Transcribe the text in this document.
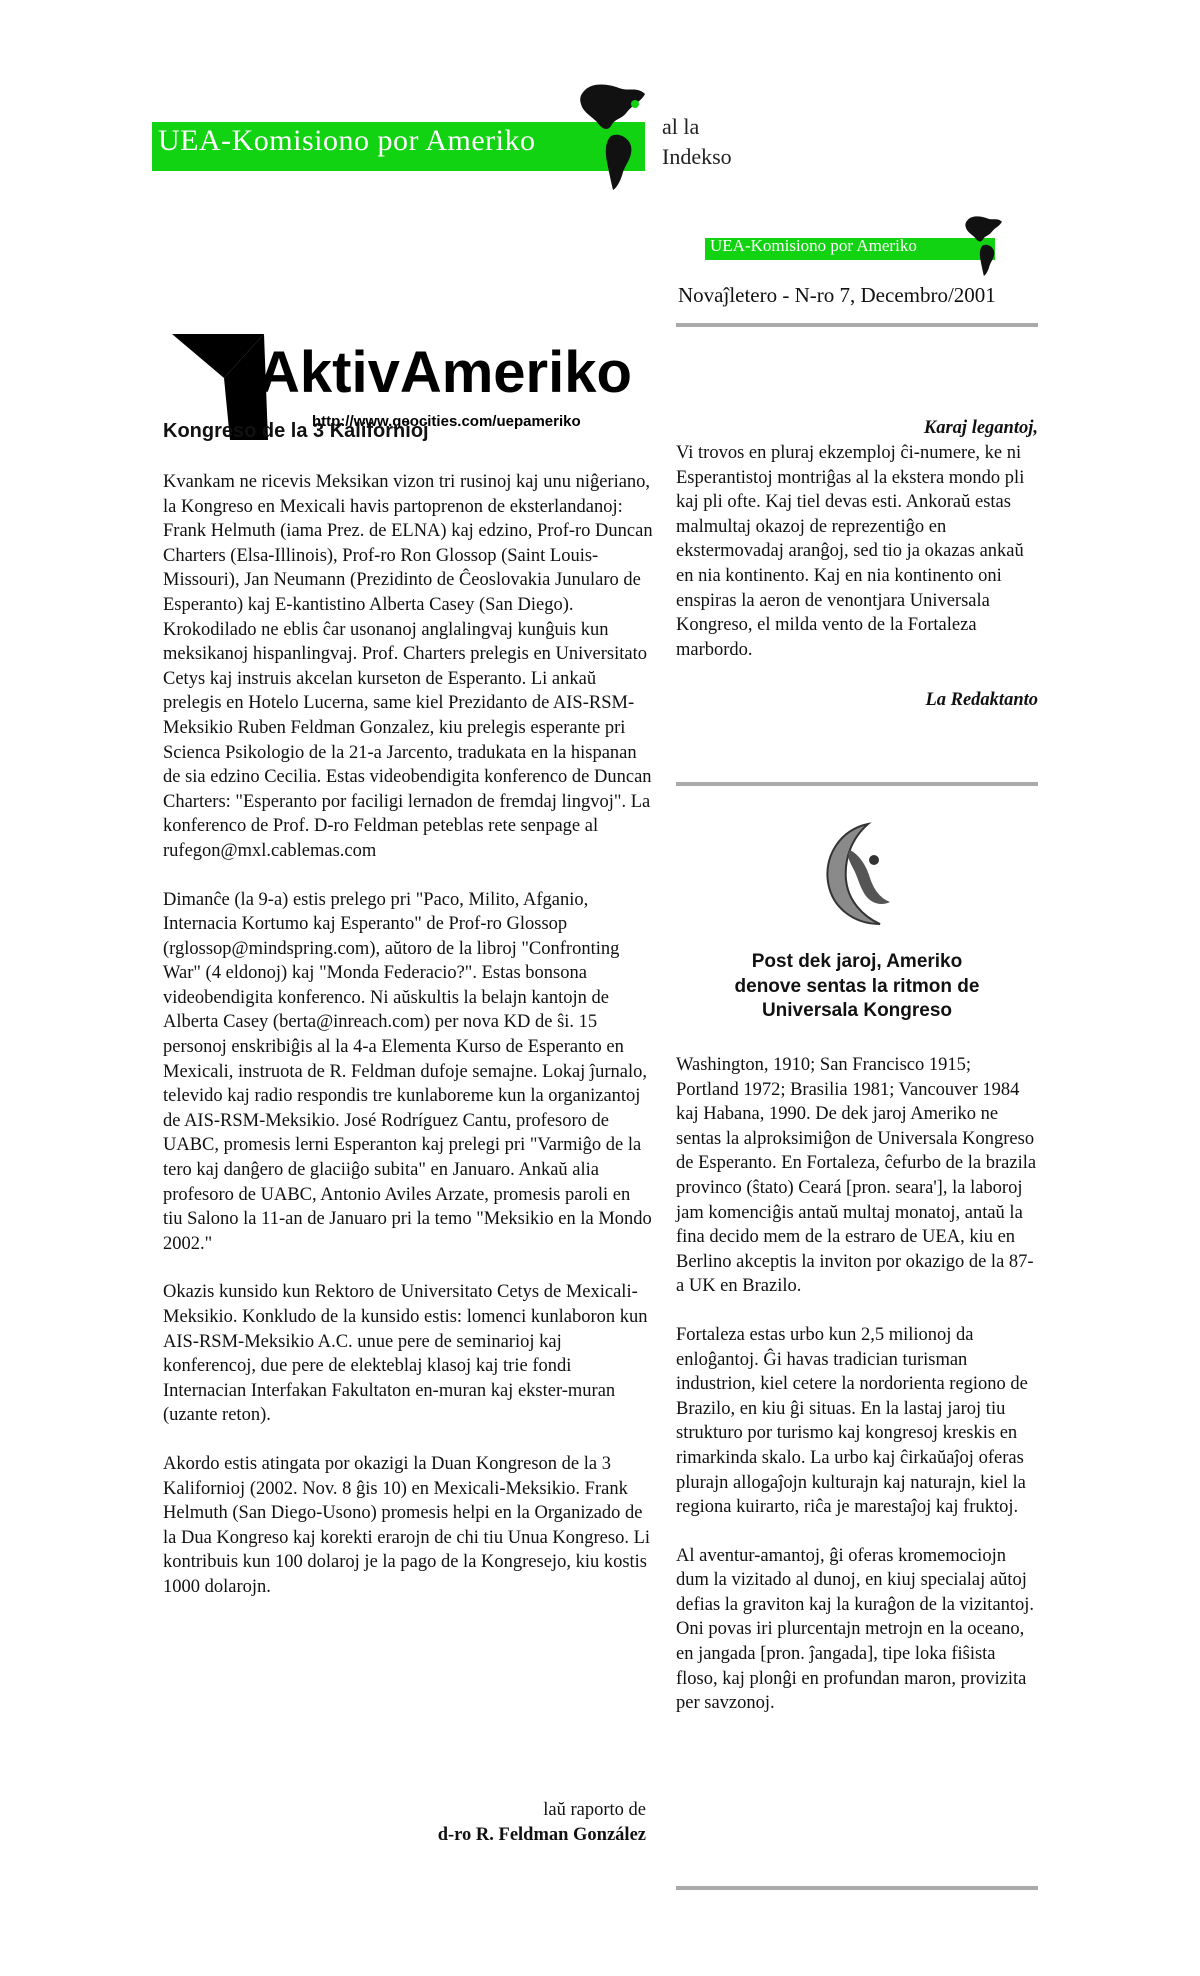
UEA-Komisiono por Ameriko	al la
Indekso
UEA-Komisiono por Ameriko
Novaĵletero - N-ro 7, Decembro/2001
AktivAmeriko
http://www.geocities.com/uepameriko
Kongreso de la 3 Kalifornioj

Kvankam ne ricevis Meksikan vizon tri rusinoj kaj unu niĝeriano, la Kongreso en Mexicali havis partoprenon de eksterlandanoj: Frank Helmuth (iama Prez. de ELNA) kaj edzino, Prof-ro Duncan Charters (Elsa-Illinois), Prof-ro Ron Glossop (Saint Louis-Missouri), Jan Neumann (Prezidinto de Ĉeoslovakia Junularo de Esperanto) kaj E-kantistino Alberta Casey (San Diego). Krokodilado ne eblis ĉar usonanoj anglalingvaj kunĝuis kun meksikanoj hispanlingvaj. Prof. Charters prelegis en Universitato Cetys kaj instruis akcelan kurseton de Esperanto. Li ankaŭ prelegis en Hotelo Lucerna, same kiel Prezidanto de AIS-RSM-Meksikio Ruben Feldman Gonzalez, kiu prelegis esperante pri Scienca Psikologio de la 21-a Jarcento, tradukata en la hispanan de sia edzino Cecilia. Estas videobendigita konferenco de Duncan Charters: "Esperanto por faciligi lernadon de fremdaj lingvoj". La konferenco de Prof. D-ro Feldman peteblas rete senpage al rufegon@mxl.cablemas.com

Dimanĉe (la 9-a) estis prelego pri "Paco, Milito, Afganio, Internacia Kortumo kaj Esperanto" de Prof-ro Glossop (rglossop@mindspring.com), aŭtoro de la libroj "Confronting War" (4 eldonoj) kaj "Monda Federacio?". Estas bonsona videobendigita konferenco. Ni aŭskultis la belajn kantojn de Alberta Casey (berta@inreach.com) per nova KD de ŝi. 15 personoj enskribiĝis al la 4-a Elementa Kurso de Esperanto en Mexicali, instruota de R. Feldman dufoje semajne. Lokaj ĵurnalo, televido kaj radio respondis tre kunlaboreme kun la organizantoj de AIS-RSM-Meksikio. José Rodríguez Cantu, profesoro de UABC, promesis lerni Esperanton kaj prelegi pri "Varmiĝo de la tero kaj danĝero de glaciiĝo subita" en Januaro. Ankaŭ alia profesoro de UABC, Antonio Aviles Arzate, promesis paroli en tiu Salono la 11-an de Januaro pri la temo "Meksikio en la Mondo 2002."

Okazis kunsido kun Rektoro de Universitato Cetys de Mexicali-Meksikio. Konkludo de la kunsido estis: lomenci kunlaboron kun AIS-RSM-Meksikio A.C. unue pere de seminarioj kaj konferencoj, due pere de elekteblaj klasoj kaj trie fondi Internacian Interfakan Fakultaton en-muran kaj ekster-muran (uzante reton).

Akordo estis atingata por okazigi la Duan Kongreson de la 3 Kalifornioj (2002. Nov. 8 ĝis 10) en Mexicali-Meksikio. Frank Helmuth (San Diego-Usono) promesis helpi en la Organizado de la Dua Kongreso kaj korekti erarojn de chi tiu Unua Kongreso. Li kontribuis kun 100 dolaroj je la pago de la Kongresejo, kiu kostis 1000 dolarojn.

laŭ raporto de
d-ro R. Feldman González
Karaj legantoj,
Vi trovos en pluraj ekzemploj ĉi-numere, ke ni Esperantistoj montriĝas al la ekstera mondo pli kaj pli ofte. Kaj tiel devas esti. Ankoraŭ estas malmultaj okazoj de reprezentiĝo en ekstermovadaj aranĝoj, sed tio ja okazas ankaŭ en nia kontinento. Kaj en nia kontinento oni enspiras la aeron de venontjara Universala Kongreso, el milda vento de la Fortaleza marbordo.
La Redaktanto
Post dek jaroj, Ameriko
denove sentas la ritmon de
Universala Kongreso

Washington, 1910; San Francisco 1915; Portland 1972; Brasilia 1981; Vancouver 1984 kaj Habana, 1990. De dek jaroj Ameriko ne sentas la alproksimiĝon de Universala Kongreso de Esperanto. En Fortaleza, ĉefurbo de la brazila provinco (ŝtato) Ceará [pron. seara'], la laboroj jam komenciĝis antaŭ multaj monatoj, antaŭ la fina decido mem de la estraro de UEA, kiu en Berlino akceptis la inviton por okazigo de la 87-a UK en Brazilo.

Fortaleza estas urbo kun 2,5 milionoj da enloĝantoj. Ĝi havas tradician turisman industrion, kiel cetere la nordorienta regiono de Brazilo, en kiu ĝi situas. En la lastaj jaroj tiu strukturo por turismo kaj kongresoj kreskis en rimarkinda skalo. La urbo kaj ĉirkaŭaĵoj oferas plurajn allogaĵojn kulturajn kaj naturajn, kiel la regiona kuirarto, riĉa je marestaĵoj kaj fruktoj.

Al aventur-amantoj, ĝi oferas kromemociojn dum la vizitado al dunoj, en kiuj specialaj aŭtoj defias la graviton kaj la kuraĝon de la vizitantoj. Oni povas iri plurcentajn metrojn en la oceano, en jangada [pron. ĵangada], tipe loka fiŝista floso, kaj plonĝi en profundan maron, provizita per savzonoj.
